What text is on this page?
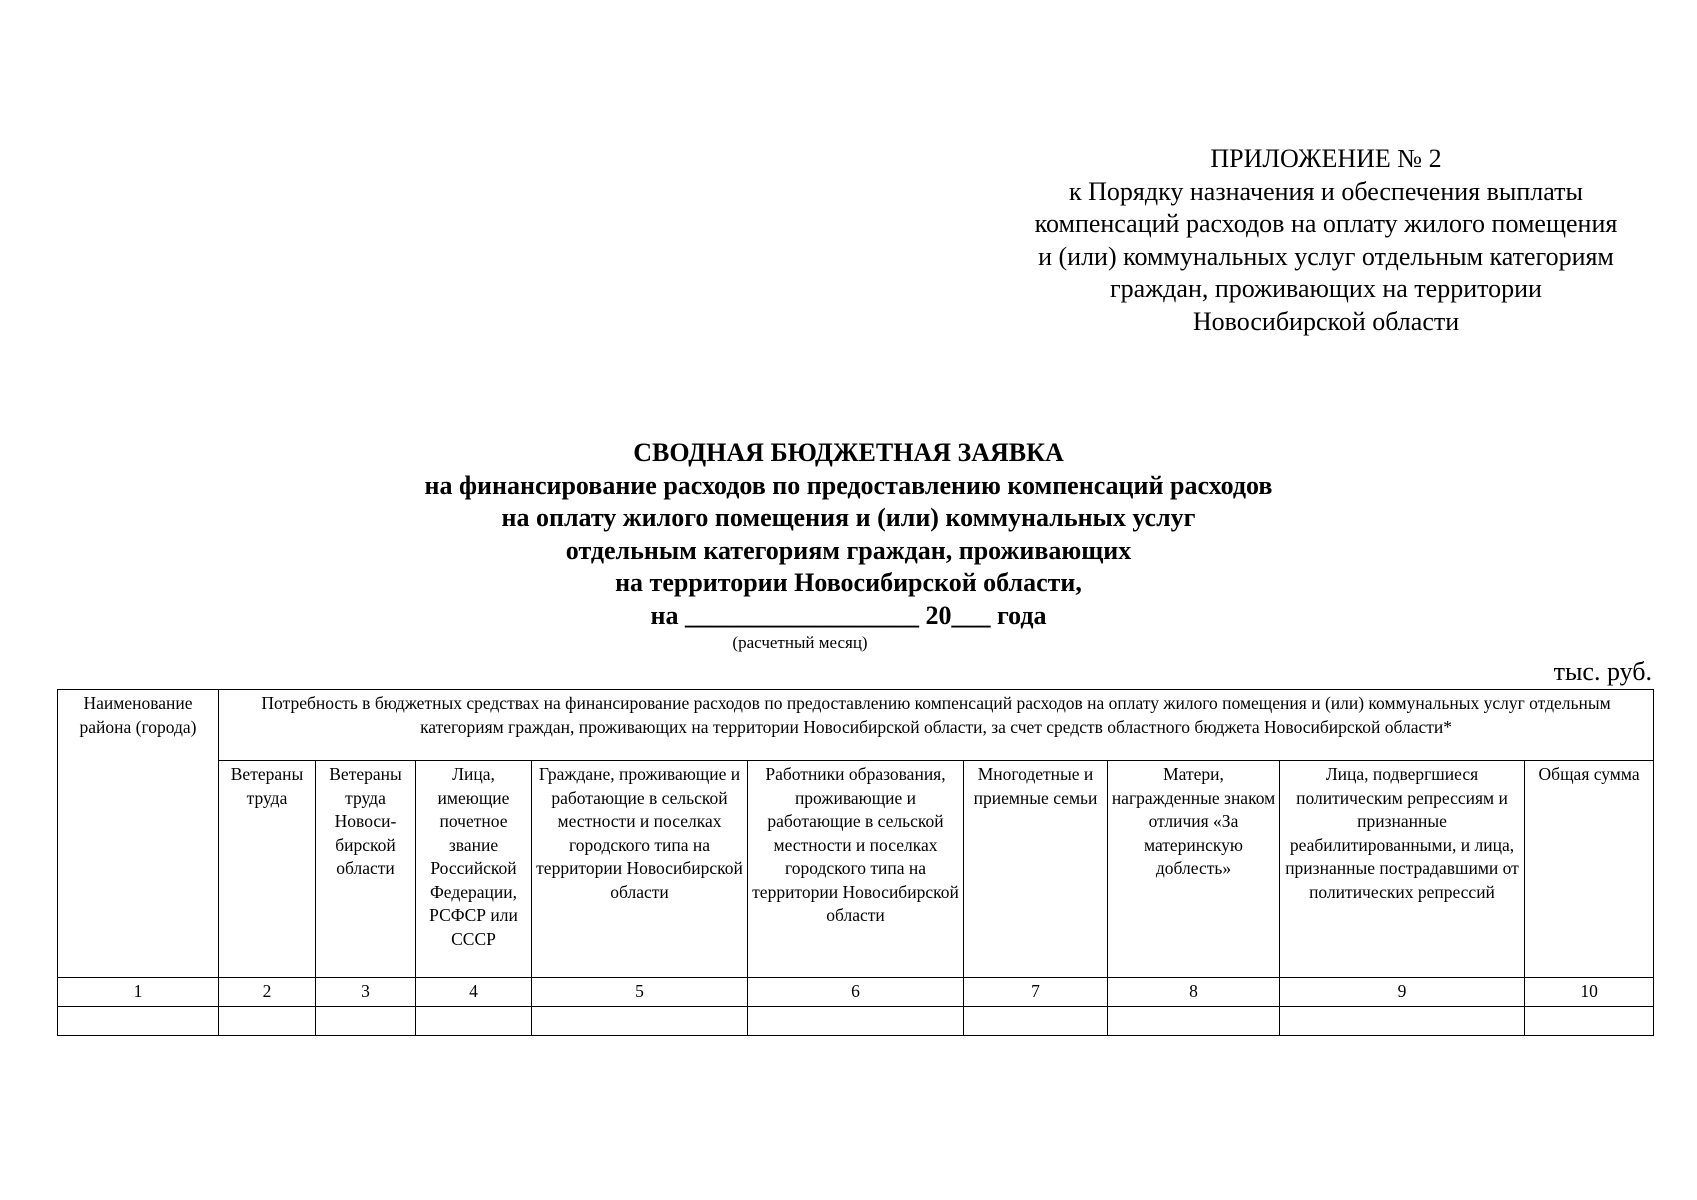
ПРИЛОЖЕНИЕ № 2
к Порядку назначения и обеспечения выплаты
компенсаций расходов на оплату жилого помещения
и (или) коммунальных услуг отдельным категориям
граждан, проживающих на территории
Новосибирской области
СВОДНАЯ БЮДЖЕТНАЯ ЗАЯВКА
на финансирование расходов по предоставлению компенсаций расходов
на оплату жилого помещения и (или) коммунальных услуг
отдельным категориям граждан, проживающих
на территории Новосибирской области,
на __________________ 20___ года
(расчетный месяц)
тыс. руб.
Наименование района (города)	Потребность в бюджетных средствах на финансирование расходов по предоставлению компенсаций расходов на оплату жилого помещения и (или) коммунальных услуг отдельным категориям граждан, проживающих на территории Новосибирской области, за счет средств областного бюджета Новосибирской области*								
	Ветераны труда	Ветераны труда Новоси-бирской области	Лица, имеющие почетное звание Российской Федерации, РСФСР или СССР	Граждане, проживающие и работающие в сельской местности и поселках городского типа на территории Новосибирской области	Работники образования, проживающие и работающие в сельской местности и поселках городского типа на территории Новосибирской области	Многодетные и приемные семьи	Матери, награжденные знаком отличия «За материнскую доблесть»	Лица, подвергшиеся политическим репрессиям и признанные реабилитированными, и лица, признанные пострадавшими от политических репрессий	Общая сумма
1	2	3	4	5	6	7	8	9	10
